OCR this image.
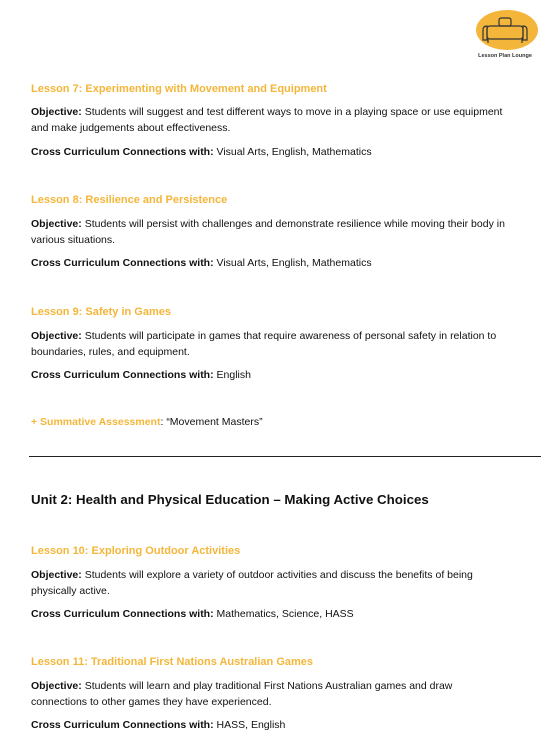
Lesson Plan Lounge
Lesson 7: Experimenting with Movement and Equipment
Objective: Students will suggest and test different ways to move in a playing space or use equipment
and make judgements about effectiveness.
Cross Curriculum Connections with: Visual Arts, English, Mathematics
Lesson 8: Resilience and Persistence
Objective: Students will persist with challenges and demonstrate resilience while moving their body in
various situations.
Cross Curriculum Connections with: Visual Arts, English, Mathematics
Lesson 9: Safety in Games
Objective: Students will participate in games that require awareness of personal safety in relation to
boundaries, rules, and equipment.
Cross Curriculum Connections with: English
+ Summative Assessment: “Movement Masters”
Unit 2: Health and Physical Education – Making Active Choices
Lesson 10: Exploring Outdoor Activities
Objective: Students will explore a variety of outdoor activities and discuss the benefits of being
physically active.
Cross Curriculum Connections with: Mathematics, Science, HASS
Lesson 11: Traditional First Nations Australian Games
Objective: Students will learn and play traditional First Nations Australian games and draw
connections to other games they have experienced.
Cross Curriculum Connections with: HASS, English
